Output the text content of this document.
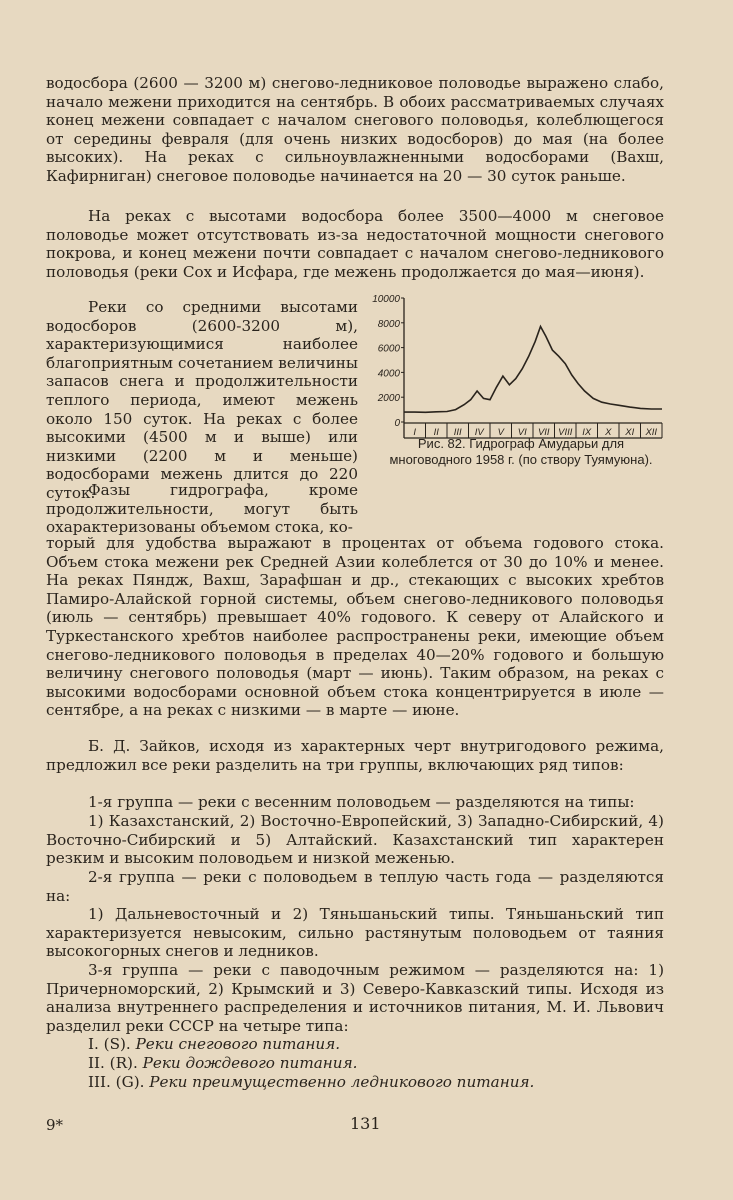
водосбора (2600 — 3200 м) снегово-ледниковое половодье выражено слабо, начало межени приходится на сентябрь. В обоих рассматриваемых случаях конец межени совпадает с началом снегового половодья, колеблющегося от середины февраля (для очень низких водосборов) до мая (на более высоких). На реках с сильноувлажненными водосборами (Вахш, Кафирниган) снеговое половодье начинается на 20 — 30 суток раньше.

На реках с высотами водосбора более 3500—4000 м снеговое половодье может отсутствовать из-за недостаточной мощности снегового покрова, и конец межени почти совпадает с началом снегово-ледникового половодья (реки Сох и Исфара, где межень продолжается до мая—июня).

Реки со средними высотами водосборов (2600-3200 м), характеризующимися наиболее благоприятным сочетанием величины запасов снега и продолжительности теплого периода, имеют межень около 150 суток. На реках с более высокими (4500 м и выше) или низкими (2200 м и меньше) водосборами межень длится до 220 суток.

Фазы гидрографа, кроме продолжительности, могут быть охарактеризованы объемом стока, ко-

0
2000
4000
6000
8000
10000
I II III IV V VI VII VIII IX X XI XII
Рис. 82. Гидрограф Амударьи для многоводного 1958 г. (по створу Туямуюна).

торый для удобства выражают в процентах от объема годового стока. Объем стока межени рек Средней Азии колеблется от 30 до 10% и менее. На реках Пяндж, Вахш, Зарафшан и др., стекающих с высоких хребтов Памиро-Алайской горной системы, объем снегово-ледникового половодья (июль — сентябрь) превышает 40% годового. К северу от Алайского и Туркестанского хребтов наиболее распространены реки, имеющие объем снегово-ледникового половодья в пределах 40—20% годового и большую величину снегового половодья (март — июнь). Таким образом, на реках с высокими водосборами основной объем стока концентрируется в июле — сентябре, а на реках с низкими — в марте — июне.

Б. Д. Зайков, исходя из характерных черт внутригодового режима, предложил все реки разделить на три группы, включающих ряд типов:

1-я группа — реки с весенним половодьем — разделяются на типы:

1) Казахстанский, 2) Восточно-Европейский, 3) Западно-Сибирский, 4) Восточно-Сибирский и 5) Алтайский. Казахстанский тип характерен резким и высоким половодьем и низкой меженью.

2-я группа — реки с половодьем в теплую часть года — разделяются на:

1) Дальневосточный и 2) Тяньшаньский типы. Тяньшаньский тип характеризуется невысоким, сильно растянутым половодьем от таяния высокогорных снегов и ледников.

3-я группа — реки с паводочным режимом — разделяются на: 1) Причерноморский, 2) Крымский и 3) Северо-Кавказский типы. Исходя из анализа внутреннего распределения и источников питания, М. И. Львович разделил реки СССР на четыре типа:

I. (S). Реки снегового питания.
II. (R). Реки дождевого питания.
III. (G). Реки преимущественно ледникового питания.
9*	131
